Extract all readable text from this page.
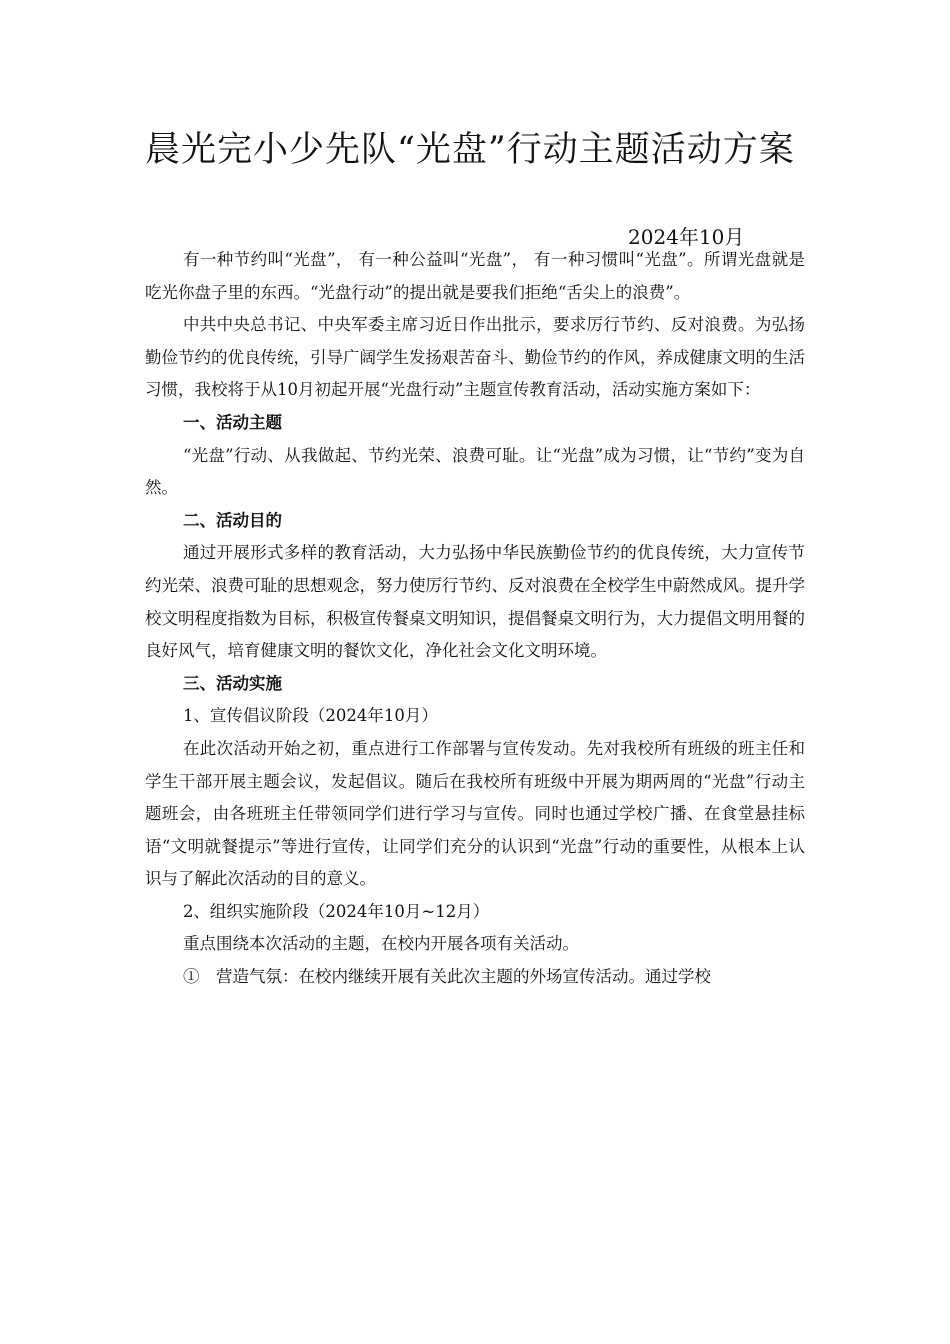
晨光完小少先队“光盘”行动主题活动方案
2024年10月

有一种节约叫“光盘”， 有一种公益叫“光盘”， 有一种习惯叫“光盘”。所谓光盘就是吃光你盘子里的东西。“光盘行动”的提出就是要我们拒绝“舌尖上的浪费”。

中共中央总书记、中央军委主席习近日作出批示，要求厉行节约、反对浪费。为弘扬勤俭节约的优良传统，引导广阔学生发扬艰苦奋斗、勤俭节约的作风，养成健康文明的生活习惯，我校将于从10月初起开展“光盘行动”主题宣传教育活动，活动实施方案如下：

一、活动主题

“光盘”行动、从我做起、节约光荣、浪费可耻。让“光盘”成为习惯，让“节约”变为自然。

二、活动目的

通过开展形式多样的教育活动，大力弘扬中华民族勤俭节约的优良传统，大力宣传节约光荣、浪费可耻的思想观念，努力使厉行节约、反对浪费在全校学生中蔚然成风。提升学校文明程度指数为目标，积极宣传餐桌文明知识，提倡餐桌文明行为，大力提倡文明用餐的良好风气，培育健康文明的餐饮文化，净化社会文化文明环境。

三、活动实施

1、宣传倡议阶段（2024年10月）

在此次活动开始之初，重点进行工作部署与宣传发动。先对我校所有班级的班主任和学生干部开展主题会议，发起倡议。随后在我校所有班级中开展为期两周的“光盘”行动主题班会，由各班班主任带领同学们进行学习与宣传。同时也通过学校广播、在食堂悬挂标语“文明就餐提示”等进行宣传，让同学们充分的认识到“光盘”行动的重要性，从根本上认识与了解此次活动的目的意义。

2、组织实施阶段（2024年10月~12月）

重点围绕本次活动的主题，在校内开展各项有关活动。

①　营造气氛：在校内继续开展有关此次主题的外场宣传活动。通过学校
